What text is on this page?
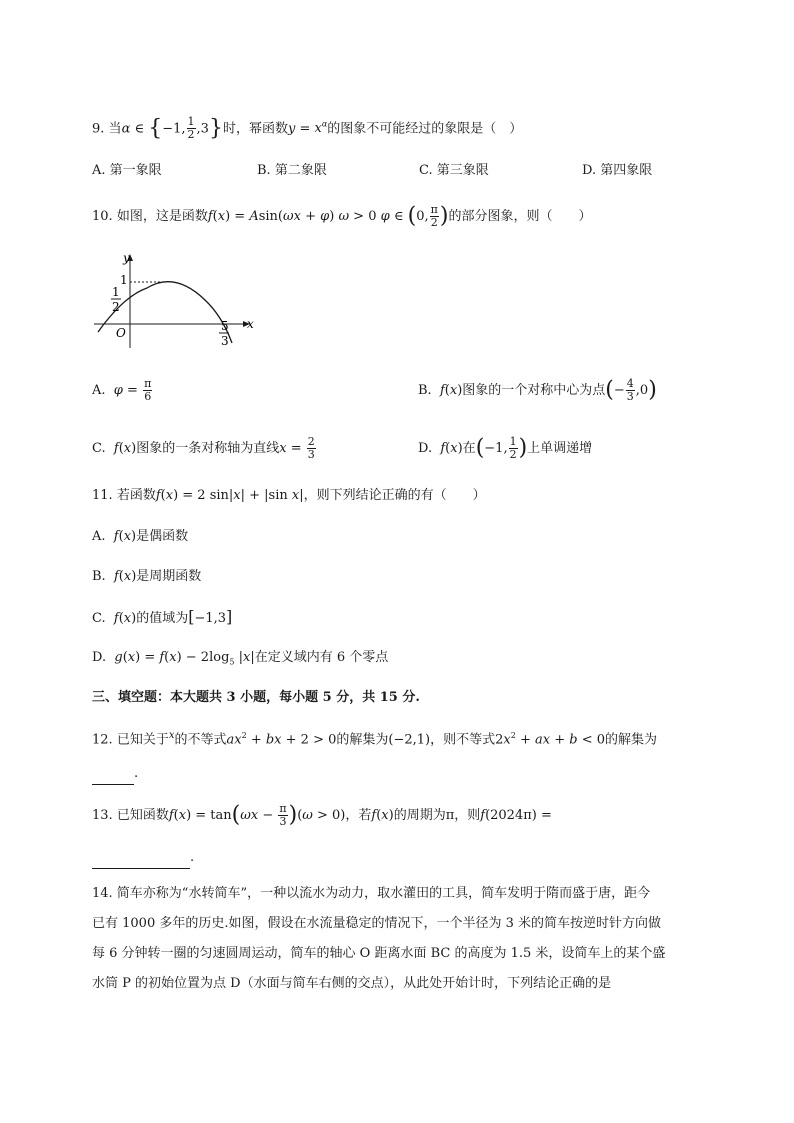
9. 当α ∈ {−1, $\frac{1}{2} ,3$}时，幂函数$y = x^\alpha$的图象不可能经过的象限是（　）
A. 第一象限	B. 第二象限	C. 第三象限	D. 第四象限
10. 如图，这是函数f(x) = Asin(ωx + φ) ω > 0 φ ∈ (0, $\frac{\pi}{2}$ )的部分图象，则（　　）
y
x
O
1
1
2
5
3
A. $\varphi = \frac{\pi}{6}$	B. f(x)图象的一个对称中心为点(− $\frac{4}{3} ,0$)
C. f(x)图象的一条对称轴为直线$x = \frac{2}{3}$	D. f(x)在(−1, $\frac{1}{2}$ )上单调递增
11. 若函数f(x) = 2 sin|x| + |sin x|，则下列结论正确的有（　　）
A. f(x)是偶函数
B. f(x)是周期函数
C. f(x)的值域为[−1,3]
D. $g(x) = f(x) - 2\log_5$ |x|在定义域内有 6 个零点
三、填空题：本大题共 3 小题，每小题 5 分，共 15 分.
12. 已知关于$^x$的不等式$ax^2$ + bx + 2 > 0的解集为(−2,1)，则不等式$2x^2$ + ax + b < 0的解集为
.
13. 已知函数$f(x) = \tan(\omega x - \frac{\pi}{3} )(\omega > 0)$，若f(x)的周期为π，则f(2024π) =
.
14. 简车亦称为“水转简车”，一种以流水为动力，取水灌田的工具，简车发明于隋而盛于唐，距今
已有 1000 多年的历史.如图，假设在水流量稳定的情况下，一个半径为 3 米的简车按逆时针方向做
每 6 分钟转一圈的匀速圆周运动，简车的轴心 O 距离水面 BC 的高度为 1.5 米，设简车上的某个盛
水筒 P 的初始位置为点 D（水面与简车右侧的交点），从此处开始计时，下列结论正确的是
